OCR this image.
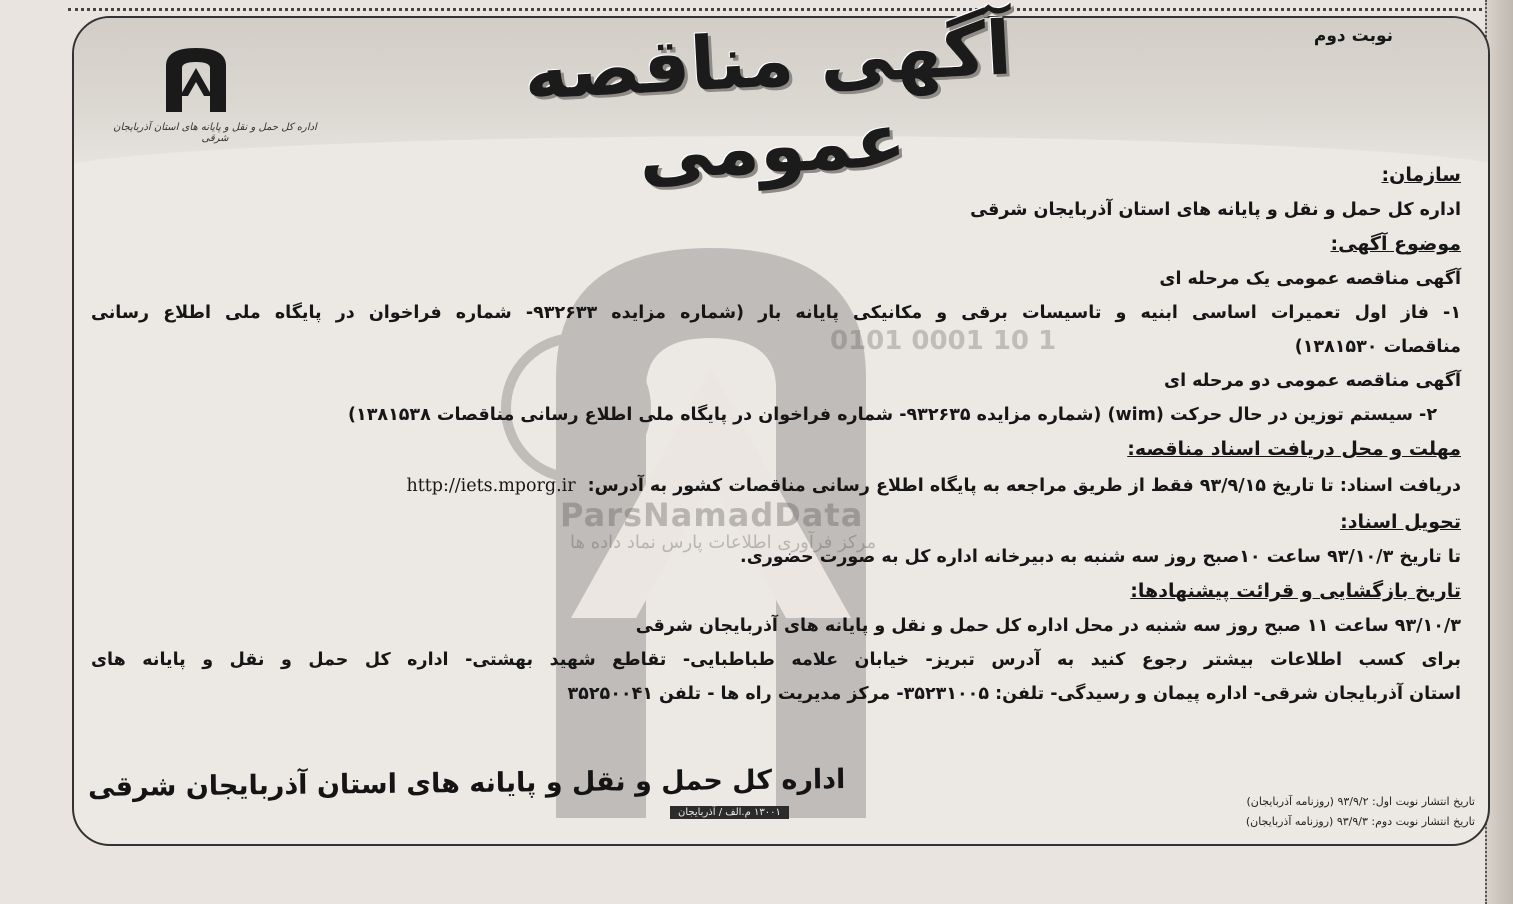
0101 0001 10 1
ParsNamadData
مرکز فرآوری اطلاعات پارس نماد داده ها
نوبت دوم
آگهی مناقصه عمومی
اداره کل حمل و نقل و پایانه های استان آذربایجان شرقی

سازمان:

اداره کل حمل و نقل و پایانه های استان آذربایجان شرقی

موضوع آگهی:

آگهی مناقصه عمومی یک مرحله ای

۱- فاز اول تعمیرات اساسی ابنیه و تاسیسات برقی و مکانیکی پایانه بار (شماره مزایده ۹۳۲۶۳۳- شماره فراخوان در پایگاه ملی اطلاع رسانی

مناقصات ۱۳۸۱۵۳۰)

آگهی مناقصه عمومی دو مرحله ای

۲- سیستم توزین در حال حرکت (wim) (شماره مزایده ۹۳۲۶۳۵- شماره فراخوان در پایگاه ملی اطلاع رسانی مناقصات ۱۳۸۱۵۳۸)

مهلت و محل دریافت اسناد مناقصه:

دریافت اسناد: تا تاریخ ۹۳/۹/۱۵ فقط از طریق مراجعه به پایگاه اطلاع رسانی مناقصات کشور به آدرس:http://iets.mporg.ir

تحویل اسناد:

تا تاریخ ۹۳/۱۰/۳ ساعت ۱۰صبح روز سه شنبه به دبیرخانه اداره کل به صورت حضوری.

تاریخ بازگشایی و قرائت پیشنهادها:

۹۳/۱۰/۳ ساعت ۱۱ صبح روز سه شنبه در محل اداره کل حمل و نقل و پایانه های آذربایجان شرقی

برای کسب اطلاعات بیشتر رجوع کنید به آدرس تبریز- خیابان علامه طباطبایی- تقاطع شهید بهشتی- اداره کل حمل و نقل و پایانه های

استان آذربایجان شرقی- اداره پیمان و رسیدگی- تلفن: ۳۵۲۳۱۰۰۵- مرکز مدیریت راه ها - تلفن ۳۵۲۵۰۰۴۱

اداره کل حمل و نقل و پایانه های استان آذربایجان شرقی	تاریخ انتشار نوبت اول: ۹۳/۹/۲ (روزنامه آذربایجان)
تاریخ انتشار نوبت دوم: ۹۳/۹/۳ (روزنامه آذربایجان)
۱۳۰۰۱ م.الف / آذربایجان
